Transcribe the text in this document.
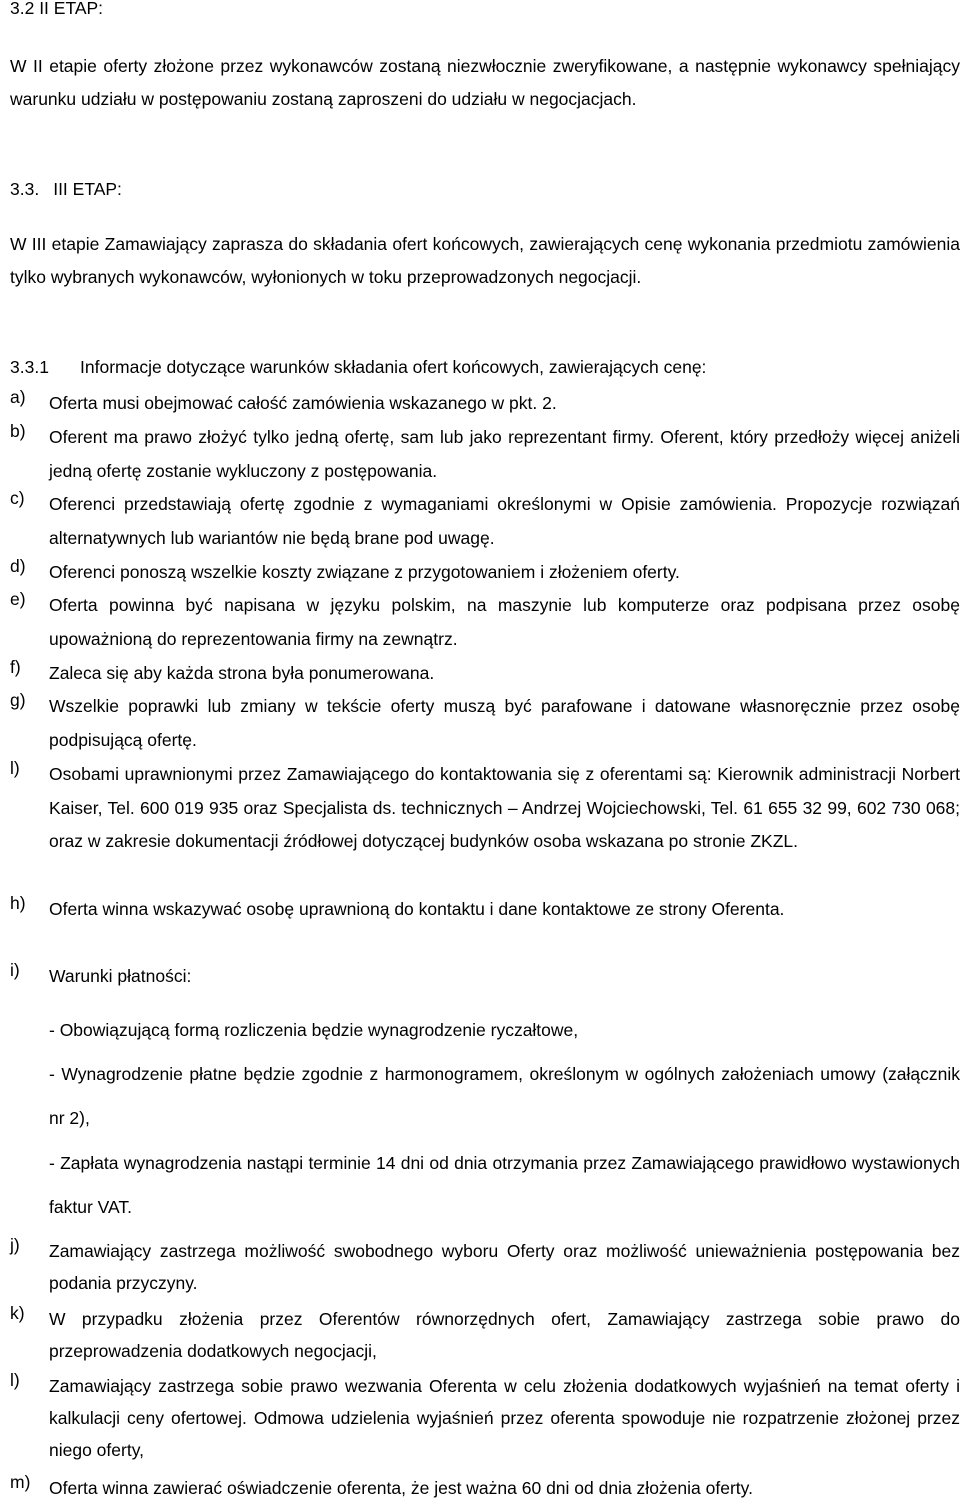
3.2 II ETAP:

W II etapie oferty złożone przez wykonawców zostaną niezwłocznie zweryfikowane, a następnie wykonawcy spełniający warunku udziału w postępowaniu zostaną zaproszeni do udziału w negocjacjach.

3.3. III ETAP:

W III etapie Zamawiający zaprasza do składania ofert końcowych, zawierających cenę wykonania przedmiotu zamówienia tylko wybranych wykonawców, wyłonionych w toku przeprowadzonych negocjacji.

3.3.1 Informacje dotyczące warunków składania ofert końcowych, zawierających cenę:

a) Oferta musi obejmować całość zamówienia wskazanego w pkt. 2.
b) Oferent ma prawo złożyć tylko jedną ofertę, sam lub jako reprezentant firmy. Oferent, który przedłoży więcej aniżeli jedną ofertę zostanie wykluczony z postępowania.
c) Oferenci przedstawiają ofertę zgodnie z wymaganiami określonymi w Opisie zamówienia. Propozycje rozwiązań alternatywnych lub wariantów nie będą brane pod uwagę.
d) Oferenci ponoszą wszelkie koszty związane z przygotowaniem i złożeniem oferty.
e) Oferta powinna być napisana w języku polskim, na maszynie lub komputerze oraz podpisana przez osobę upoważnioną do reprezentowania firmy na zewnątrz.
f) Zaleca się aby każda strona była ponumerowana.
g) Wszelkie poprawki lub zmiany w tekście oferty muszą być parafowane i datowane własnoręcznie przez osobę podpisującą ofertę.
l) Osobami uprawnionymi przez Zamawiającego do kontaktowania się z oferentami są: Kierownik administracji Norbert Kaiser, Tel. 600 019 935 oraz Specjalista ds. technicznych – Andrzej Wojciechowski, Tel. 61 655 32 99, 602 730 068; oraz w zakresie dokumentacji źródłowej dotyczącej budynków osoba wskazana po stronie ZKZL.
h) Oferta winna wskazywać osobę uprawnioną do kontaktu i dane kontaktowe ze strony Oferenta.
i) Warunki płatności:

- Obowiązującą formą rozliczenia będzie wynagrodzenie ryczałtowe,

- Wynagrodzenie płatne będzie zgodnie z harmonogramem, określonym w ogólnych założeniach umowy (załącznik nr 2),

- Zapłata wynagrodzenia nastąpi terminie 14 dni od dnia otrzymania przez Zamawiającego prawidłowo wystawionych faktur VAT.

j) Zamawiający zastrzega możliwość swobodnego wyboru Oferty oraz możliwość unieważnienia postępowania bez podania przyczyny.
k) W przypadku złożenia przez Oferentów równorzędnych ofert, Zamawiający zastrzega sobie prawo do przeprowadzenia dodatkowych negocjacji,
l) Zamawiający zastrzega sobie prawo wezwania Oferenta w celu złożenia dodatkowych wyjaśnień na temat oferty i kalkulacji ceny ofertowej. Odmowa udzielenia wyjaśnień przez oferenta spowoduje nie rozpatrzenie złożonej przez niego oferty,
m) Oferta winna zawierać oświadczenie oferenta, że jest ważna 60 dni od dnia złożenia oferty.
